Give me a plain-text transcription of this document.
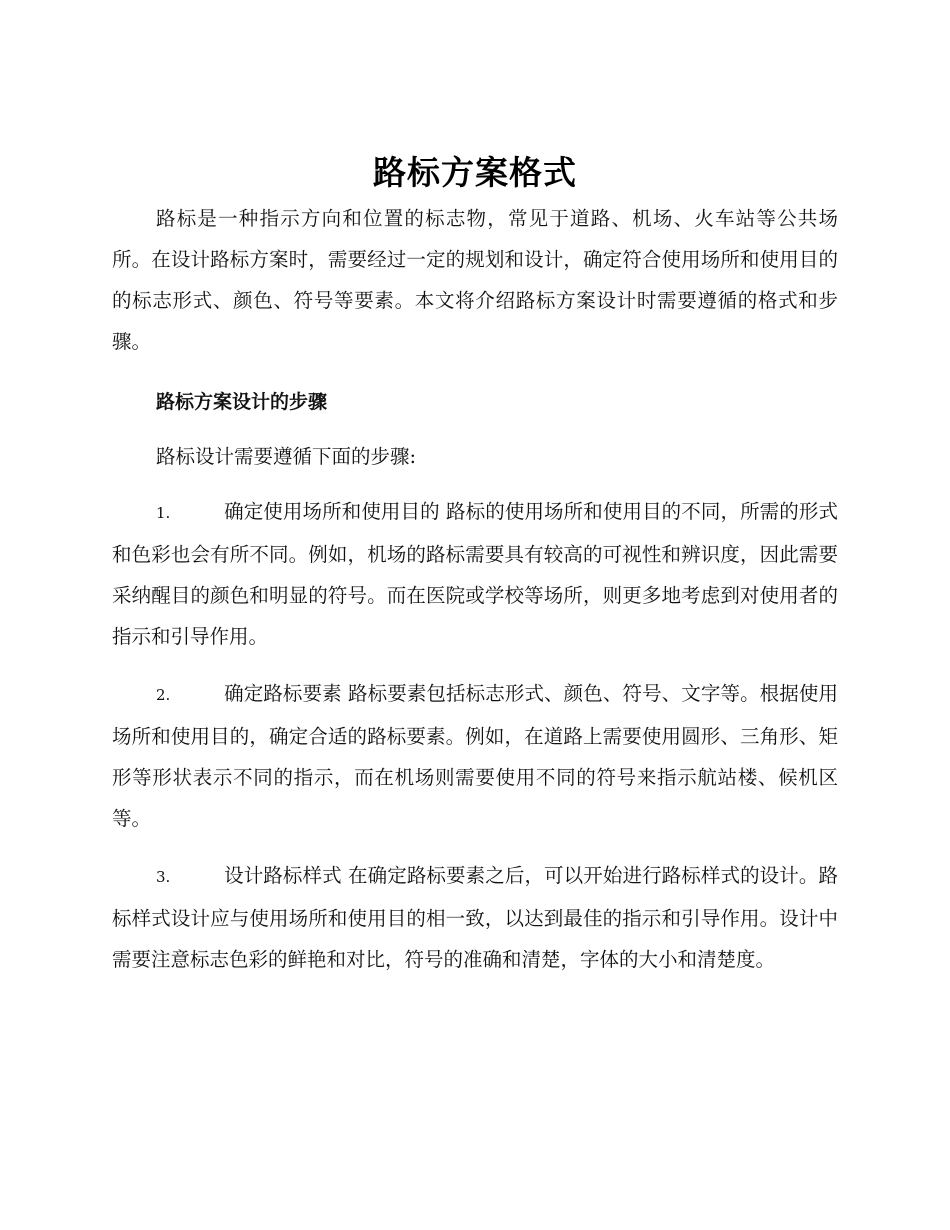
路标方案格式

路标是一种指示方向和位置的标志物，常见于道路、机场、火车站等公共场所。在设计路标方案时，需要经过一定的规划和设计，确定符合使用场所和使用目的的标志形式、颜色、符号等要素。本文将介绍路标方案设计时需要遵循的格式和步骤。

路标方案设计的步骤

路标设计需要遵循下面的步骤:

1.	确定使用场所和使用目的 路标的使用场所和使用目的不同，所需的形式和色彩也会有所不同。例如，机场的路标需要具有较高的可视性和辨识度，因此需要采纳醒目的颜色和明显的符号。而在医院或学校等场所，则更多地考虑到对使用者的指示和引导作用。

2.	确定路标要素 路标要素包括标志形式、颜色、符号、文字等。根据使用场所和使用目的，确定合适的路标要素。例如，在道路上需要使用圆形、三角形、矩形等形状表示不同的指示，而在机场则需要使用不同的符号来指示航站楼、候机区等。

3.	设计路标样式 在确定路标要素之后，可以开始进行路标样式的设计。路标样式设计应与使用场所和使用目的相一致，以达到最佳的指示和引导作用。设计中需要注意标志色彩的鲜艳和对比，符号的准确和清楚，字体的大小和清楚度。
